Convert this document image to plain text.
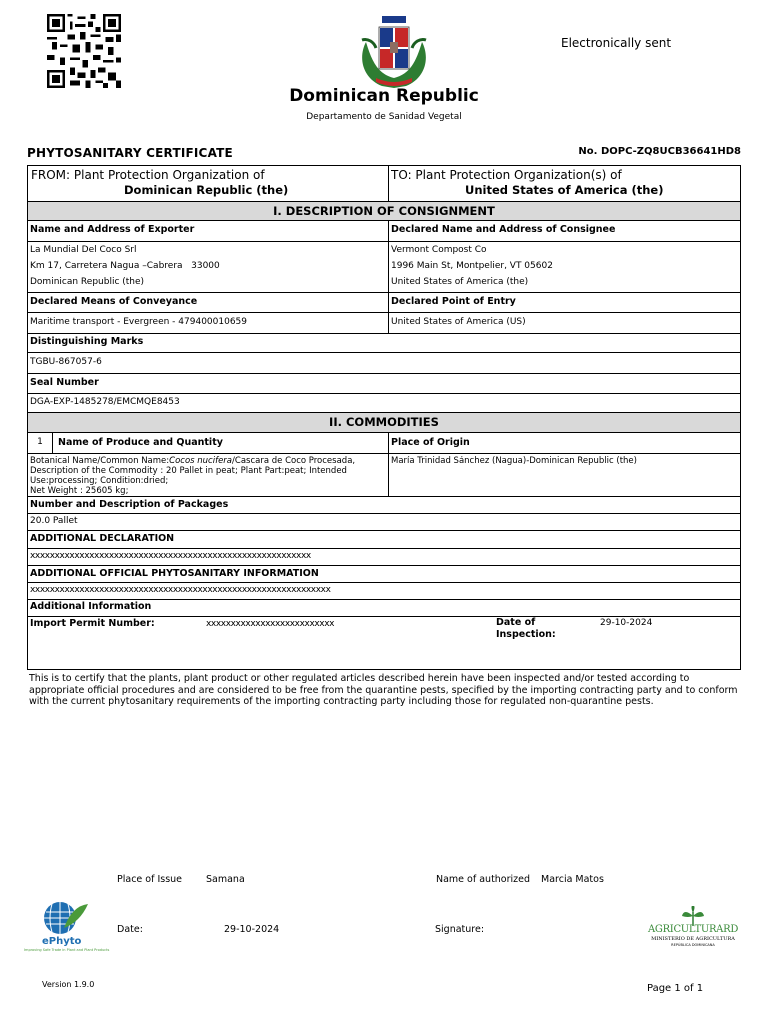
Electronically sent
Dominican Republic
Departamento de Sanidad Vegetal
PHYTOSANITARY CERTIFICATE	No. DOPC-ZQ8UCB36641HD8
FROM: Plant Protection Organization of
Dominican Republic (the)
TO: Plant Protection Organization(s) of
United States of America (the)
I. DESCRIPTION OF CONSIGNMENT
Name and Address of Exporter	Declared Name and Address of Consignee
La Mundial Del Coco Srl
Km 17, Carretera Nagua –Cabrera   33000
Dominican Republic (the)
Vermont Compost Co
1996 Main St, Montpelier, VT 05602
United States of America (the)
Declared Means of Conveyance	Declared Point of Entry
Maritime transport - Evergreen - 479400010659	United States of America (US)
Distinguishing Marks
TGBU-867057-6
Seal Number
DGA-EXP-1485278/EMCMQE8453
II. COMMODITIES
1	Name of Produce and Quantity	Place of Origin
Botanical Name/Common Name:Cocos nucifera/Cascara de Coco Procesada,
Description of the Commodity : 20 Pallet in peat; Plant Part:peat; Intended
Use:processing; Condition:dried;
Net Weight : 25605 kg;
María Trinidad Sánchez (Nagua)-Dominican Republic (the)
Number and Description of Packages
20.0 Pallet
ADDITIONAL DECLARATION
xxxxxxxxxxxxxxxxxxxxxxxxxxxxxxxxxxxxxxxxxxxxxxxxxxxxxxxxx
ADDITIONAL OFFICIAL PHYTOSANITARY INFORMATION
xxxxxxxxxxxxxxxxxxxxxxxxxxxxxxxxxxxxxxxxxxxxxxxxxxxxxxxxxxxxx
Additional Information
Import Permit Number:	xxxxxxxxxxxxxxxxxxxxxxxxxx	Date of
Inspection:
29-10-2024
This is to certify that the plants, plant product or other regulated articles described herein have been inspected and/or tested according to appropriate official procedures and are considered to be free from the quarantine pests, specified by the importing contracting party and to conform with the current phytosanitary requirements of the importing contracting party including those for regulated non-quarantine pests.
Place of Issue	Samana	Name of authorized Marcia Matos
Date:	29-10-2024	Signature:
ePhyto
Improving Safe Trade in Plant and Plant Products
AGRICULTURARD
MINISTERIO DE AGRICULTURA
REPÚBLICA DOMINICANA
Version 1.9.0	Page 1 of 1
